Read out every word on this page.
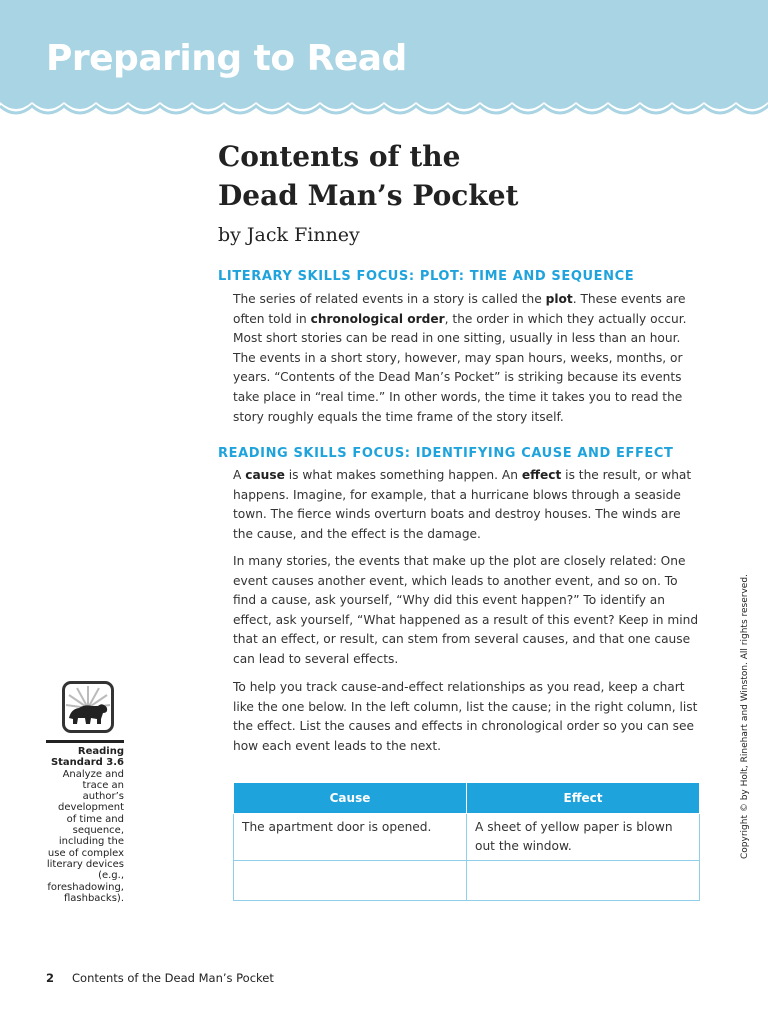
Preparing to Read
Contents of the
Dead Man’s Pocket

by Jack Finney

LITERARY SKILLS FOCUS: PLOT: TIME AND SEQUENCE

The series of related events in a story is called the plot. These events are often told in chronological order, the order in which they actually occur. Most short stories can be read in one sitting, usually in less than an hour. The events in a short story, however, may span hours, weeks, months, or years. “Contents of the Dead Man’s Pocket” is striking because its events take place in “real time.” In other words, the time it takes you to read the story roughly equals the time frame of the story itself.

READING SKILLS FOCUS: IDENTIFYING CAUSE AND EFFECT

A cause is what makes something happen. An effect is the result, or what happens. Imagine, for example, that a hurricane blows through a seaside town. The fierce winds overturn boats and destroy houses. The winds are the cause, and the effect is the damage.

In many stories, the events that make up the plot are closely related: One event causes another event, which leads to another event, and so on. To find a cause, ask yourself, “Why did this event happen?” To identify an effect, ask yourself, “What happened as a result of this event? Keep in mind that an effect, or result, can stem from several causes, and that one cause can lead to several effects.

To help you track cause-and-effect relationships as you read, keep a chart like the one below. In the left column, list the cause; in the right column, list the effect. List the causes and effects in chronological order so you can see how each event leads to the next.

Cause	Effect
The apartment door is opened.	A sheet of yellow paper is blown out the window.

Reading Standard 3.6
Analyze and trace an author’s development of time and sequence, including the use of complex literary devices (e.g., foreshadowing, flashbacks).
Copyright © by Holt, Rinehart and Winston. All rights reserved.

2 Contents of the Dead Man’s Pocket
